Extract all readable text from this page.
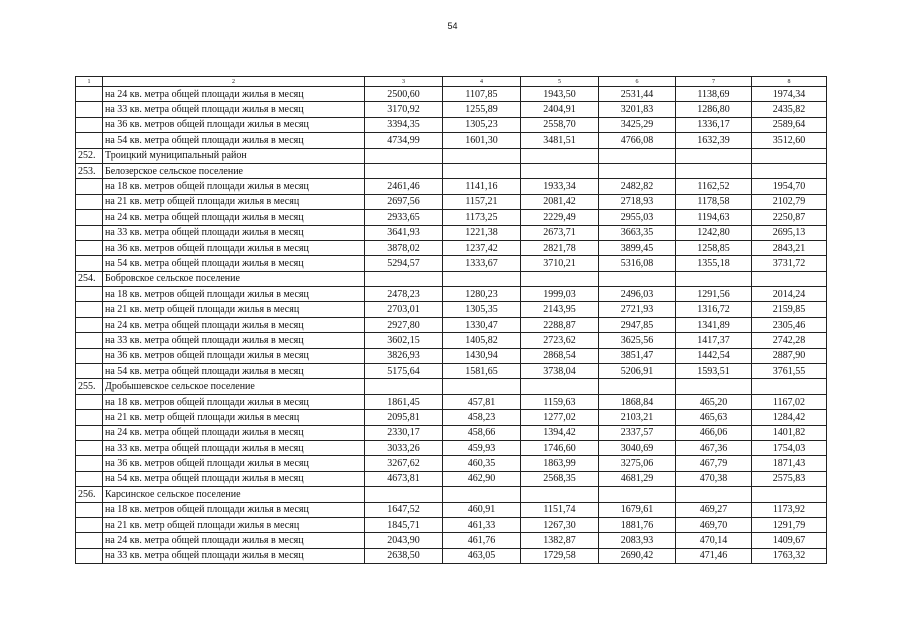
54
1	2	3	4	5	6	7	8
	на 24 кв. метра общей площади жилья в месяц	2500,60	1107,85	1943,50	2531,44	1138,69	1974,34
	на 33 кв. метра общей площади жилья в месяц	3170,92	1255,89	2404,91	3201,83	1286,80	2435,82
	на 36 кв. метров общей площади жилья в месяц	3394,35	1305,23	2558,70	3425,29	1336,17	2589,64
	на 54 кв. метра общей площади жилья в месяц	4734,99	1601,30	3481,51	4766,08	1632,39	3512,60
252.	Троицкий муниципальный район						
253.	Белозерское сельское поселение						
	на 18 кв. метров общей площади жилья в месяц	2461,46	1141,16	1933,34	2482,82	1162,52	1954,70
	на 21 кв. метр общей площади жилья в месяц	2697,56	1157,21	2081,42	2718,93	1178,58	2102,79
	на 24 кв. метра общей площади жилья в месяц	2933,65	1173,25	2229,49	2955,03	1194,63	2250,87
	на 33 кв. метра общей площади жилья в месяц	3641,93	1221,38	2673,71	3663,35	1242,80	2695,13
	на 36 кв. метров общей площади жилья в месяц	3878,02	1237,42	2821,78	3899,45	1258,85	2843,21
	на 54 кв. метра общей площади жилья в месяц	5294,57	1333,67	3710,21	5316,08	1355,18	3731,72
254.	Бобровское сельское поселение						
	на 18 кв. метров общей площади жилья в месяц	2478,23	1280,23	1999,03	2496,03	1291,56	2014,24
	на 21 кв. метр общей площади жилья в месяц	2703,01	1305,35	2143,95	2721,93	1316,72	2159,85
	на 24 кв. метра общей площади жилья в месяц	2927,80	1330,47	2288,87	2947,85	1341,89	2305,46
	на 33 кв. метра общей площади жилья в месяц	3602,15	1405,82	2723,62	3625,56	1417,37	2742,28
	на 36 кв. метров общей площади жилья в месяц	3826,93	1430,94	2868,54	3851,47	1442,54	2887,90
	на 54 кв. метра общей площади жилья в месяц	5175,64	1581,65	3738,04	5206,91	1593,51	3761,55
255.	Дробышевское сельское поселение						
	на 18 кв. метров общей площади жилья в месяц	1861,45	457,81	1159,63	1868,84	465,20	1167,02
	на 21 кв. метр общей площади жилья в месяц	2095,81	458,23	1277,02	2103,21	465,63	1284,42
	на 24 кв. метра общей площади жилья в месяц	2330,17	458,66	1394,42	2337,57	466,06	1401,82
	на 33 кв. метра общей площади жилья в месяц	3033,26	459,93	1746,60	3040,69	467,36	1754,03
	на 36 кв. метров общей площади жилья в месяц	3267,62	460,35	1863,99	3275,06	467,79	1871,43
	на 54 кв. метра общей площади жилья в месяц	4673,81	462,90	2568,35	4681,29	470,38	2575,83
256.	Карсинское сельское поселение						
	на 18 кв. метров общей площади жилья в месяц	1647,52	460,91	1151,74	1679,61	469,27	1173,92
	на 21 кв. метр общей площади жилья в месяц	1845,71	461,33	1267,30	1881,76	469,70	1291,79
	на 24 кв. метра общей площади жилья в месяц	2043,90	461,76	1382,87	2083,93	470,14	1409,67
	на 33 кв. метра общей площади жилья в месяц	2638,50	463,05	1729,58	2690,42	471,46	1763,32
